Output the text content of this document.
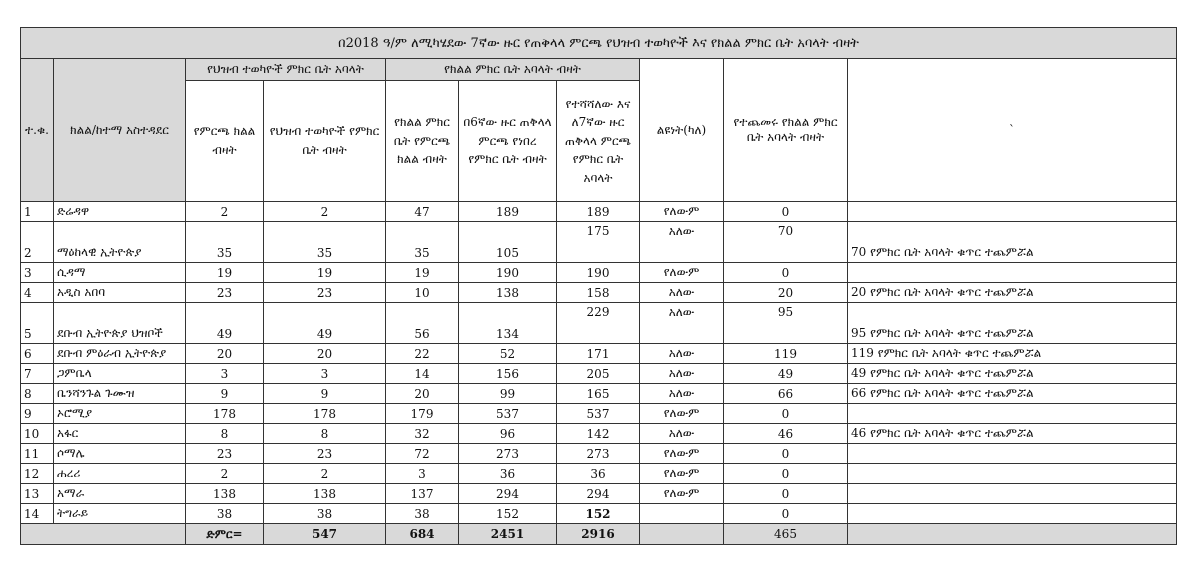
በ2018 ዓ/ም ለሚካሄደው 7ኛው ዙር የጠቅላላ ምርጫ የህዝብ ተወካዮች እና የክልል ምክር ቤት አባላት ብዛት									
ተ.ቁ.	ክልል/ከተማ አስተዳደር	የህዝብ ተወካዮች ምክር ቤት አባላት		የክልል ምክር ቤት አባላት ብዛት			ልዩነት(ካለ)	የተጨመሩ የክልል ምክር ቤት አባላት ብዛት	`
		የምርጫ ክልል ብዛት	የህዝብ ተወካዮች የምክር ቤት ብዛት	የክልል ምክር ቤት የምርጫ ክልል ብዛት	በ6ኛው ዙር ጠቅላላ ምርጫ የነበረ የምክር ቤት ብዛት	የተሻሻለው እና ለ7ኛው ዙር ጠቅላላ ምርጫ የምክር ቤት አባላት			
1	ድሬዳዋ	2	2	47	189	189	የለውም	0	
2	ማዕከላዊ ኢትዮጵያ	35	35	35	105	175	አለው	70	70 የምክር ቤት አባላት ቁጥር ተጨምሯል
3	ሲዳማ	19	19	19	190	190	የለውም	0	
4	አዲስ አበባ	23	23	10	138	158	አለው	20	20 የምክር ቤት አባላት ቁጥር ተጨምሯል
5	ደቡብ ኢትዮጵያ ህዝቦች	49	49	56	134	229	አለው	95	95 የምክር ቤት አባላት ቁጥር ተጨምሯል
6	ደቡብ ምዕራብ ኢትዮጵያ	20	20	22	52	171	አለው	119	119 የምክር ቤት አባላት ቁጥር ተጨምሯል
7	ጋምቤላ	3	3	14	156	205	አለው	49	49 የምክር ቤት አባላት ቁጥር ተጨምሯል
8	ቤንሻንጉል ጉሙዝ	9	9	20	99	165	አለው	66	66 የምክር ቤት አባላት ቁጥር ተጨምሯል
9	ኦሮሚያ	178	178	179	537	537	የለውም	0	
10	አፋር	8	8	32	96	142	አለው	46	46 የምክር ቤት አባላት ቁጥር ተጨምሯል
11	ሶማሌ	23	23	72	273	273	የለውም	0	
12	ሐረሪ	2	2	3	36	36	የለውም	0	
13	አማራ	138	138	137	294	294	የለውም	0	
14	ትግራይ	38	38	38	152	152		0	
		ድምር=	547	684	2451	2916		465	
